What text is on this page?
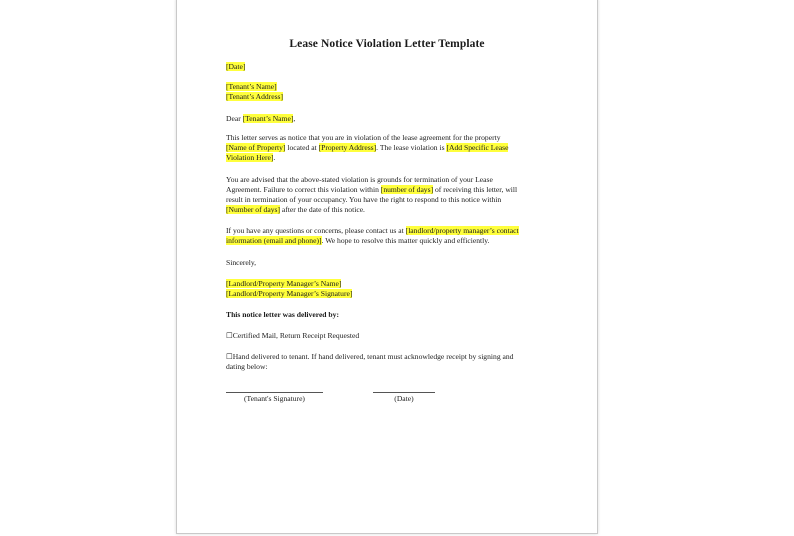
Lease Notice Violation Letter Template
[Date]
[Tenant’s Name]
[Tenant’s Address]
Dear [Tenant’s Name],
This letter serves as notice that you are in violation of the lease agreement for the property
[Name of Property] located at [Property Address]. The lease violation is [Add Specific Lease
Violation Here].
You are advised that the above-stated violation is grounds for termination of your Lease
Agreement. Failure to correct this violation within [number of days] of receiving this letter, will
result in termination of your occupancy. You have the right to respond to this notice within
[Number of days] after the date of this notice.
If you have any questions or concerns, please contact us at [landlord/property manager’s contact
information (email and phone)]. We hope to resolve this matter quickly and efficiently.
Sincerely,
[Landlord/Property Manager’s Name]
[Landlord/Property Manager’s Signature]
This notice letter was delivered by:
☐Certified Mail, Return Receipt Requested
☐Hand delivered to tenant. If hand delivered, tenant must acknowledge receipt by signing and
dating below:
(Tenant's Signature)	(Date)
